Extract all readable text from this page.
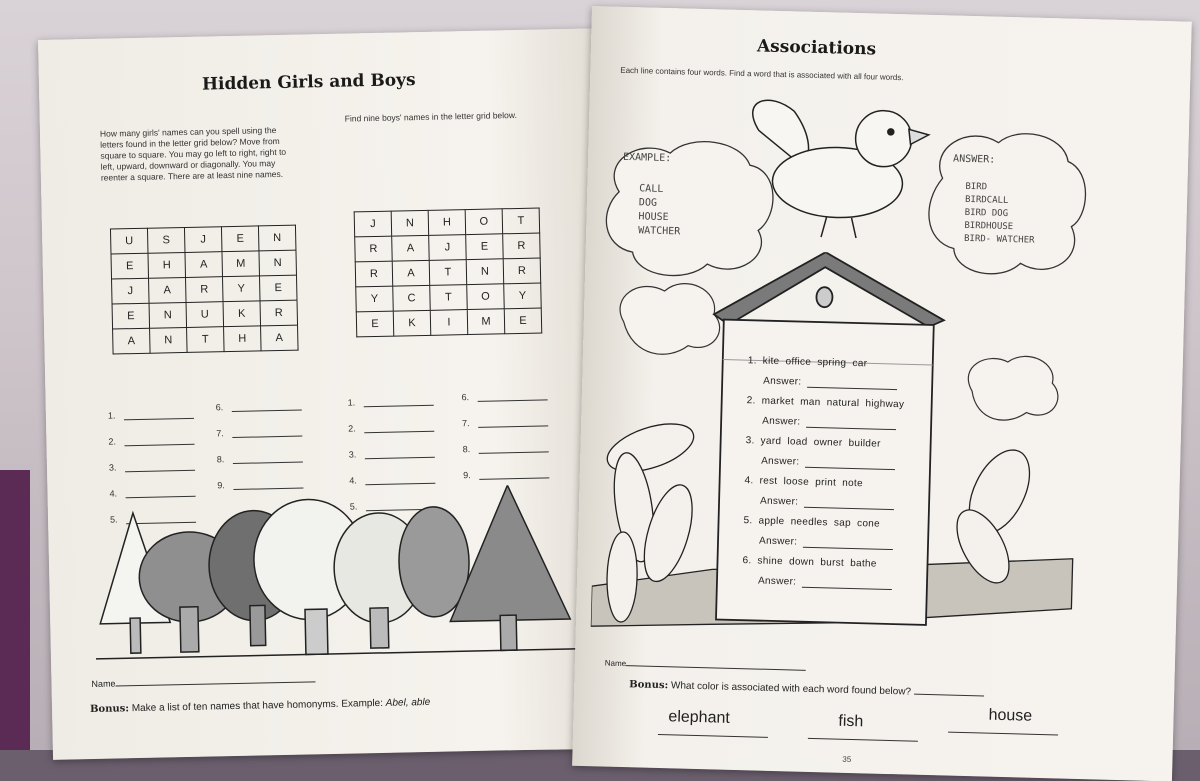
Hidden Girls and Boys
How many girls' names can you spell using the letters found in the letter grid below? Move from square to square. You may go left to right, right to left, upward, downward or diagonally. You may reenter a square. There are at least nine names.
Find nine boys' names in the letter grid below.
U	S	J	E	N
E	H	A	M	N
J	A	R	Y	E
E	N	U	K	R
A	N	T	H	A
J	N	H	O	T
R	A	J	E	R
R	A	T	N	R
Y	C	T	O	Y
E	K	I	M	E
1.
2.
3.
4.
5.
6.
7.
8.
9.
1.
2.
3.
4.
5.
6.
7.
8.
9.
Name
Bonus: Make a list of ten names that have homonyms. Example: Abel, able
Associations
Each line contains four words. Find a word that is associated with all four words.
EXAMPLE:
CALL
DOG
HOUSE
WATCHER
ANSWER:
BIRD
BIRDCALL
BIRD DOG
BIRDHOUSE
BIRD- WATCHER
1. kite  office  spring  car
Answer:
2. market  man  natural  highway
Answer:
3. yard  load  owner  builder
Answer:
4. rest  loose  print  note
Answer:
5. apple  needles  sap  cone
Answer:
6. shine  down  burst  bathe
Answer:
Name
Bonus: What color is associated with each word found below?
elephant	fish	house
35
